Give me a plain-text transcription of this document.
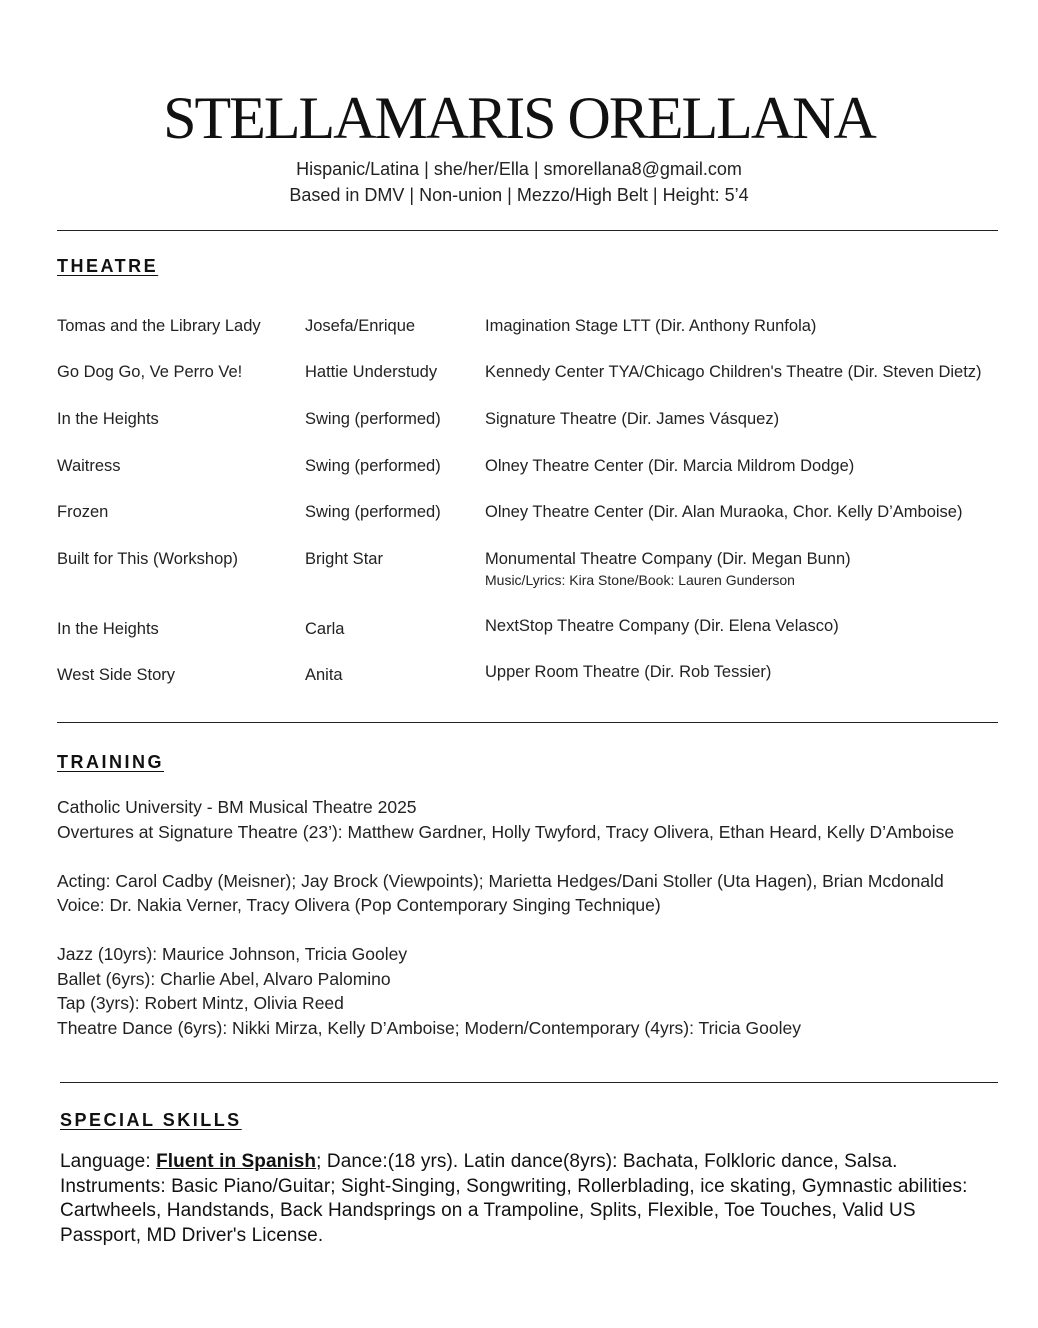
STELLAMARIS ORELLANA
Hispanic/Latina | she/her/Ella | smorellana8@gmail.com
Based in DMV | Non-union | Mezzo/High Belt | Height: 5’4
THEATRE
Tomas and the Library Lady	Josefa/Enrique	Imagination Stage LTT (Dir. Anthony Runfola)
Go Dog Go, Ve Perro Ve!	Hattie Understudy	Kennedy Center TYA/Chicago Children's Theatre (Dir. Steven Dietz)
In the Heights	Swing (performed)	Signature Theatre (Dir. James Vásquez)
Waitress	Swing (performed)	Olney Theatre Center (Dir. Marcia Mildrom Dodge)
Frozen	Swing (performed)	Olney Theatre Center (Dir. Alan Muraoka, Chor. Kelly D’Amboise)
Built for This (Workshop)	Bright Star	Monumental Theatre Company (Dir. Megan Bunn)
Music/Lyrics: Kira Stone/Book: Lauren Gunderson
In the Heights	Carla	NextStop Theatre Company (Dir. Elena Velasco)
West Side Story	Anita	Upper Room Theatre (Dir. Rob Tessier)
TRAINING
Catholic University - BM Musical Theatre 2025
Overtures at Signature Theatre (23’): Matthew Gardner, Holly Twyford, Tracy Olivera, Ethan Heard, Kelly D’Amboise
Acting: Carol Cadby (Meisner); Jay Brock (Viewpoints); Marietta Hedges/Dani Stoller (Uta Hagen), Brian Mcdonald
Voice: Dr. Nakia Verner, Tracy Olivera (Pop Contemporary Singing Technique)
Jazz (10yrs): Maurice Johnson, Tricia Gooley
Ballet (6yrs): Charlie Abel, Alvaro Palomino
Tap (3yrs): Robert Mintz, Olivia Reed
Theatre Dance (6yrs): Nikki Mirza, Kelly D’Amboise; Modern/Contemporary (4yrs): Tricia Gooley
SPECIAL SKILLS
Language: Fluent in Spanish; Dance:(18 yrs). Latin dance(8yrs): Bachata, Folkloric dance, Salsa. Instruments: Basic Piano/Guitar; Sight-Singing, Songwriting, Rollerblading, ice skating, Gymnastic abilities: Cartwheels, Handstands, Back Handsprings on a Trampoline, Splits, Flexible, Toe Touches, Valid US Passport, MD Driver's License.
